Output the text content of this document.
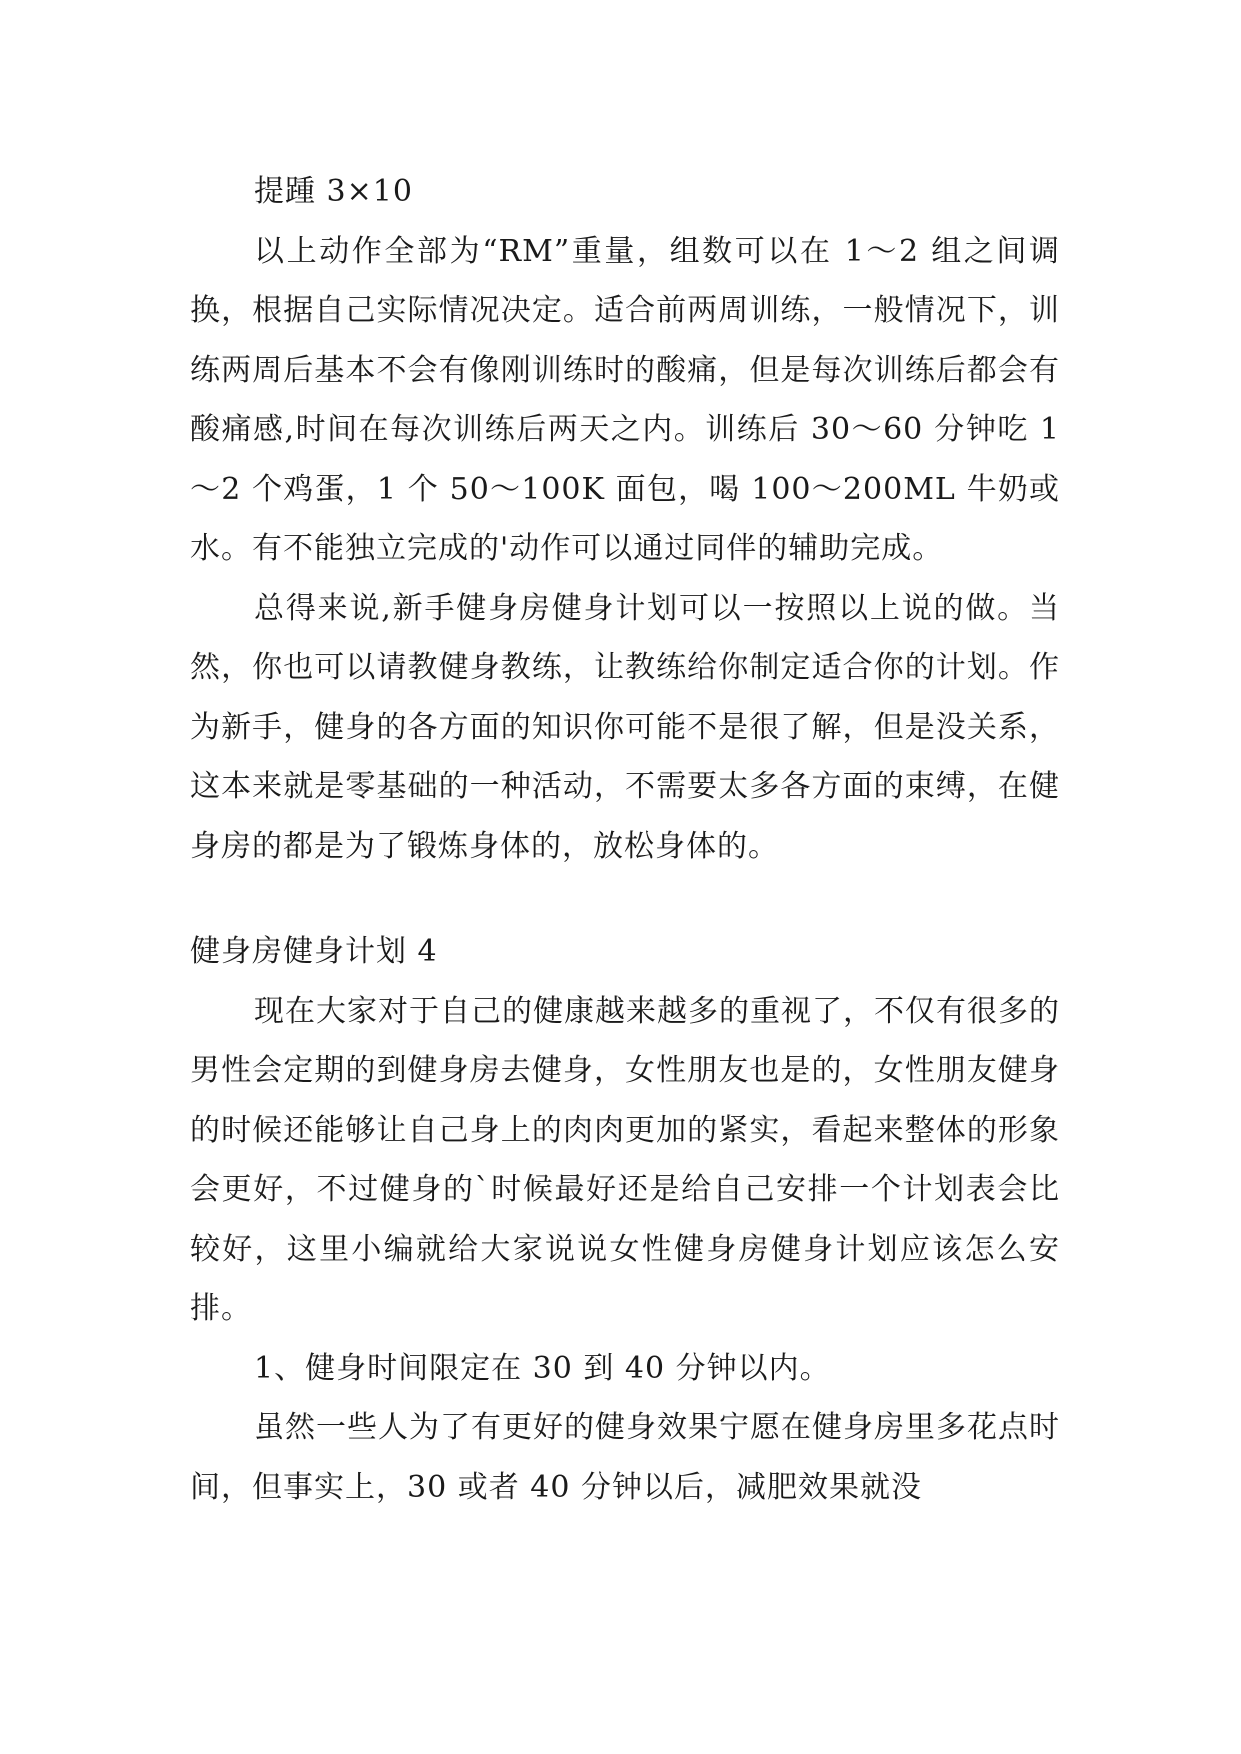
提踵 3×10

以上动作全部为“RM”重量，组数可以在 1～2 组之间调换，根据自己实际情况决定。适合前两周训练，一般情况下，训练两周后基本不会有像刚训练时的酸痛，但是每次训练后都会有酸痛感,时间在每次训练后两天之内。训练后 30～60 分钟吃 1～2 个鸡蛋，1 个 50～100K 面包，喝 100～200ML 牛奶或水。有不能独立完成的'动作可以通过同伴的辅助完成。

总得来说,新手健身房健身计划可以一按照以上说的做。当然，你也可以请教健身教练，让教练给你制定适合你的计划。作为新手，健身的各方面的知识你可能不是很了解，但是没关系，这本来就是零基础的一种活动，不需要太多各方面的束缚，在健身房的都是为了锻炼身体的，放松身体的。

健身房健身计划 4

现在大家对于自己的健康越来越多的重视了，不仅有很多的男性会定期的到健身房去健身，女性朋友也是的，女性朋友健身的时候还能够让自己身上的肉肉更加的紧实，看起来整体的形象会更好，不过健身的`时候最好还是给自己安排一个计划表会比较好，这里小编就给大家说说女性健身房健身计划应该怎么安排。

1、健身时间限定在 30 到 40 分钟以内。

虽然一些人为了有更好的健身效果宁愿在健身房里多花点时间，但事实上，30 或者 40 分钟以后，减肥效果就没
